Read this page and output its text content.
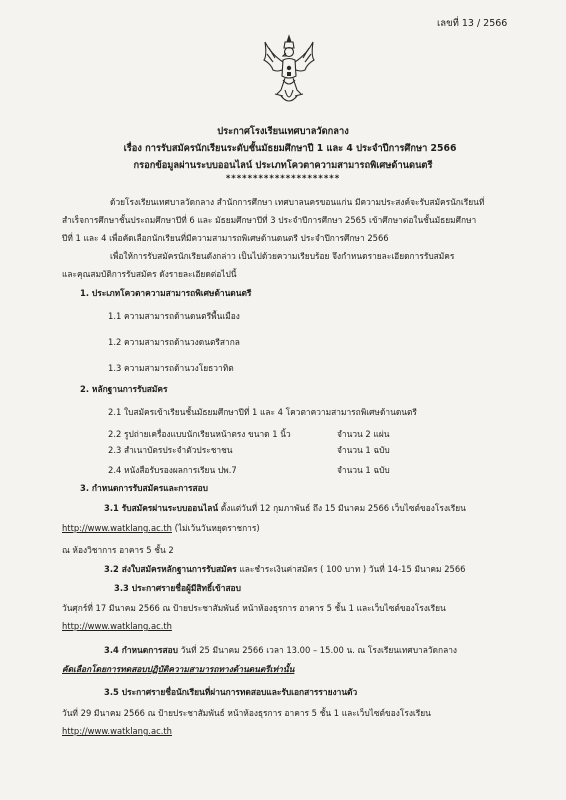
เลขที่ 13 / 2566
ประกาศโรงเรียนเทศบาลวัดกลาง
เรื่อง การรับสมัครนักเรียนระดับชั้นมัธยมศึกษาปี 1 และ 4 ประจำปีการศึกษา 2566
กรอกข้อมูลผ่านระบบออนไลน์ ประเภทโควตาความสามารถพิเศษด้านดนตรี
*********************
ด้วยโรงเรียนเทศบาลวัดกลาง สำนักการศึกษา เทศบาลนครขอนแก่น มีความประสงค์จะรับสมัครนักเรียนที่
สำเร็จการศึกษาชั้นประถมศึกษาปีที่ 6 และ มัธยมศึกษาปีที่ 3 ประจำปีการศึกษา 2565 เข้าศึกษาต่อในชั้นมัธยมศึกษา
ปีที่ 1 และ 4 เพื่อคัดเลือกนักเรียนที่มีความสามารถพิเศษด้านดนตรี ประจำปีการศึกษา 2566
เพื่อให้การรับสมัครนักเรียนดังกล่าว เป็นไปด้วยความเรียบร้อย จึงกำหนดรายละเอียดการรับสมัคร
และคุณสมบัติการรับสมัคร ดังรายละเอียดต่อไปนี้
1. ประเภทโควตาความสามารถพิเศษด้านดนตรี
1.1 ความสามารถด้านดนตรีพื้นเมือง
1.2 ความสามารถด้านวงดนตรีสากล
1.3 ความสามารถด้านวงโยธวาทิต
2. หลักฐานการรับสมัคร
2.1 ใบสมัครเข้าเรียนชั้นมัธยมศึกษาปีที่ 1 และ 4 โควตาความสามารถพิเศษด้านดนตรี
2.2 รูปถ่ายเครื่องแบบนักเรียนหน้าตรง ขนาด 1 นิ้ว	จำนวน 2 แผ่น
2.3 สำเนาบัตรประจำตัวประชาชน	จำนวน 1 ฉบับ
2.4 หนังสือรับรองผลการเรียน ปพ.7	จำนวน 1 ฉบับ
3. กำหนดการรับสมัครและการสอบ
3.1 รับสมัครผ่านระบบออนไลน์ ตั้งแต่วันที่ 12 กุมภาพันธ์ ถึง 15 มีนาคม 2566 เว็บไซต์ของโรงเรียน
http://www.watklang.ac.th (ไม่เว้นวันหยุดราชการ)
ณ ห้องวิชาการ อาคาร 5 ชั้น 2
3.2 ส่งใบสมัครหลักฐานการรับสมัคร และชำระเงินค่าสมัคร ( 100 บาท ) วันที่ 14-15 มีนาคม 2566
3.3 ประกาศรายชื่อผู้มีสิทธิ์เข้าสอบ
วันศุกร์ที่ 17 มีนาคม 2566 ณ ป้ายประชาสัมพันธ์ หน้าห้องธุรการ อาคาร 5 ชั้น 1 และเว็บไซต์ของโรงเรียน
http://www.watklang.ac.th
3.4 กำหนดการสอบ วันที่ 25 มีนาคม 2566 เวลา 13.00 – 15.00 น. ณ โรงเรียนเทศบาลวัดกลาง
คัดเลือกโดยการทดสอบปฏิบัติความสามารถทางด้านดนตรีเท่านั้น
3.5 ประกาศรายชื่อนักเรียนที่ผ่านการทดสอบและรับเอกสารรายงานตัว
วันที่ 29 มีนาคม 2566 ณ ป้ายประชาสัมพันธ์ หน้าห้องธุรการ อาคาร 5 ชั้น 1 และเว็บไซต์ของโรงเรียน
http://www.watklang.ac.th
